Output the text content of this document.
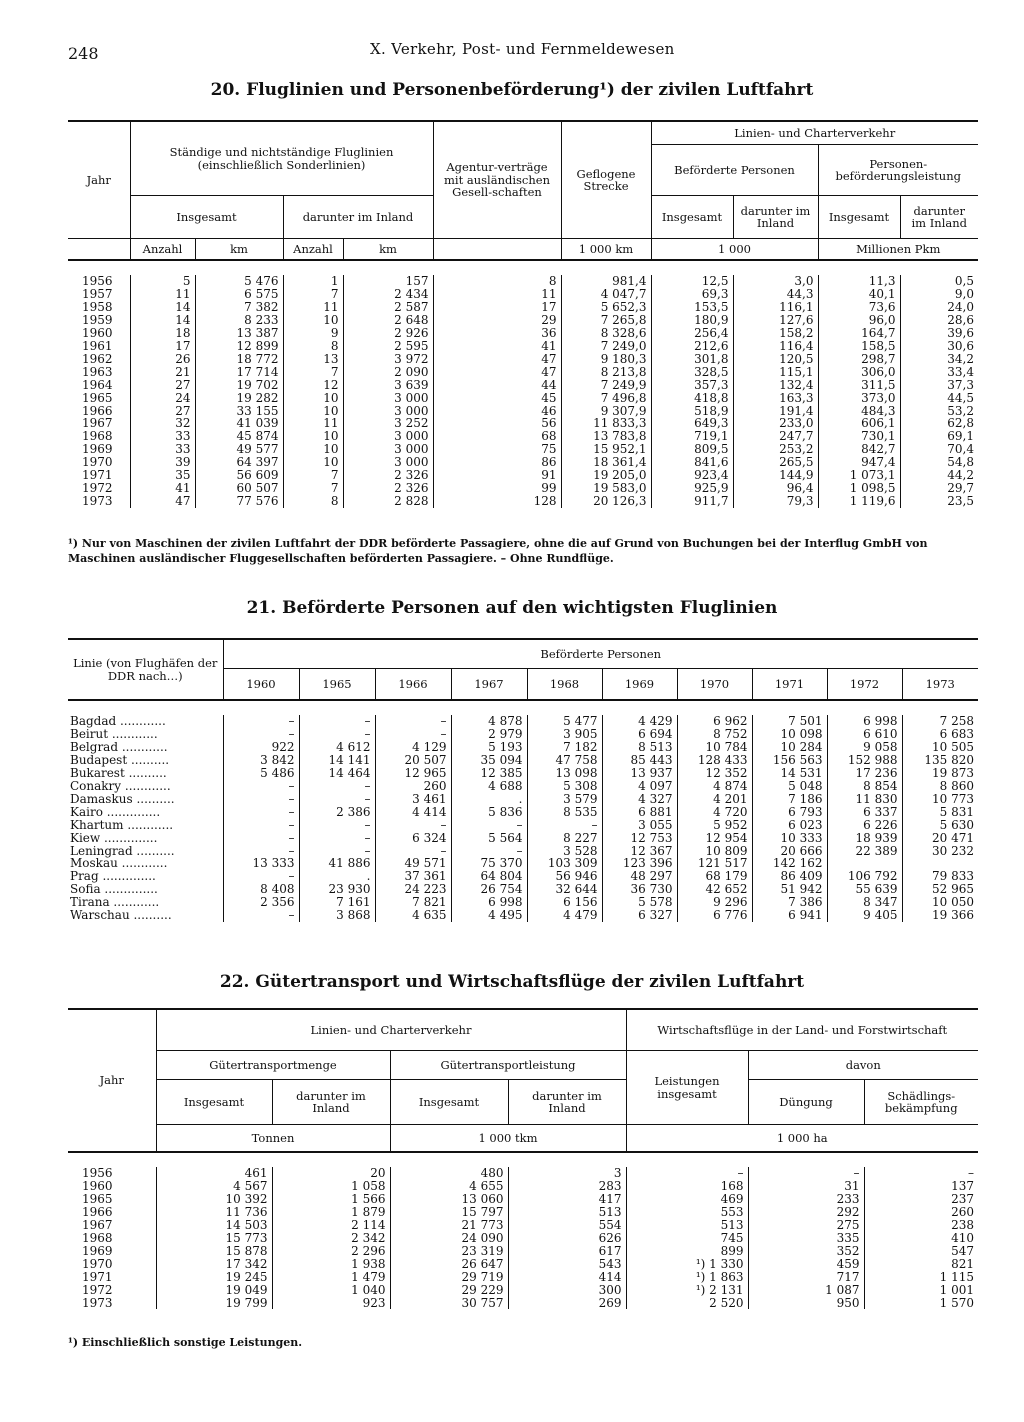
248	X. Verkehr, Post- und Fernmeldewesen
20. Fluglinien und Personenbeförderung¹) der zivilen Luftfahrt
Jahr	Ständige und nichtständige Fluglinien (einschließlich Sonderlinien)				Agentur-verträge mit ausländischen Gesell-schaften	Geflogene Strecke	Linien- und Charterverkehr			
							Beförderte Personen		Personen-beförderungsleistung	
	Insgesamt		darunter im Inland				Insgesamt	darunter im Inland	Insgesamt	darunter im Inland
	Anzahl	km	Anzahl	km		1 000 km	1 000		Millionen Pkm	

1956	5	5 476	1	157	8	981,4	12,5	3,0	11,3	0,5
1957	11	6 575	7	2 434	11	4 047,7	69,3	44,3	40,1	9,0
1958	14	7 382	11	2 587	17	5 652,3	153,5	116,1	73,6	24,0
1959	14	8 233	10	2 648	29	7 265,8	180,9	127,6	96,0	28,6
1960	18	13 387	9	2 926	36	8 328,6	256,4	158,2	164,7	39,6
1961	17	12 899	8	2 595	41	7 249,0	212,6	116,4	158,5	30,6
1962	26	18 772	13	3 972	47	9 180,3	301,8	120,5	298,7	34,2
1963	21	17 714	7	2 090	47	8 213,8	328,5	115,1	306,0	33,4
1964	27	19 702	12	3 639	44	7 249,9	357,3	132,4	311,5	37,3
1965	24	19 282	10	3 000	45	7 496,8	418,8	163,3	373,0	44,5
1966	27	33 155	10	3 000	46	9 307,9	518,9	191,4	484,3	53,2
1967	32	41 039	11	3 252	56	11 833,3	649,3	233,0	606,1	62,8
1968	33	45 874	10	3 000	68	13 783,8	719,1	247,7	730,1	69,1
1969	33	49 577	10	3 000	75	15 952,1	809,5	253,2	842,7	70,4
1970	39	64 397	10	3 000	86	18 361,4	841,6	265,5	947,4	54,8
1971	35	56 609	7	2 326	91	19 205,0	923,4	144,9	1 073,1	44,2
1972	41	60 507	7	2 326	99	19 583,0	925,9	96,4	1 098,5	29,7
1973	47	77 576	8	2 828	128	20 126,3	911,7	79,3	1 119,6	23,5
¹) Nur von Maschinen der zivilen Luftfahrt der DDR beförderte Passagiere, ohne die auf Grund von Buchungen bei der Interflug GmbH von Maschinen ausländischer Fluggesellschaften beförderten Passagiere. – Ohne Rundflüge.
21. Beförderte Personen auf den wichtigsten Fluglinien
Linie (von Flughäfen der DDR nach…)	Beförderte Personen									
	1960	1965	1966	1967	1968	1969	1970	1971	1972	1973

Bagdad ............	–	–	–	4 878	5 477	4 429	6 962	7 501	6 998	7 258
Beirut ............	–	–	–	2 979	3 905	6 694	8 752	10 098	6 610	6 683
Belgrad ............	922	4 612	4 129	5 193	7 182	8 513	10 784	10 284	9 058	10 505
Budapest ..........	3 842	14 141	20 507	35 094	47 758	85 443	128 433	156 563	152 988	135 820
Bukarest ..........	5 486	14 464	12 965	12 385	13 098	13 937	12 352	14 531	17 236	19 873
Conakry ............	–	–	260	4 688	5 308	4 097	4 874	5 048	8 854	8 860
Damaskus ..........	–	–	3 461	.	3 579	4 327	4 201	7 186	11 830	10 773
Kairo ..............	–	2 386	4 414	5 836	8 535	6 881	4 720	6 793	6 337	5 831
Khartum ............	–	–	–	–	–	3 055	5 952	6 023	6 226	5 630
Kiew ..............	–	–	6 324	5 564	8 227	12 753	12 954	10 333	18 939	20 471
Leningrad ..........	–	–	–	–	3 528	12 367	10 809	20 666	22 389	30 232
Moskau ............	13 333	41 886	49 571	75 370	103 309	123 396	121 517	142 162		
Prag ..............	–	.	37 361	64 804	56 946	48 297	68 179	86 409	106 792	79 833
Sofia ..............	8 408	23 930	24 223	26 754	32 644	36 730	42 652	51 942	55 639	52 965
Tirana ............	2 356	7 161	7 821	6 998	6 156	5 578	9 296	7 386	8 347	10 050
Warschau ..........	–	3 868	4 635	4 495	4 479	6 327	6 776	6 941	9 405	19 366
22. Gütertransport und Wirtschaftsflüge der zivilen Luftfahrt
Jahr	Linien- und Charterverkehr				Wirtschaftsflüge in der Land- und Forstwirtschaft		
	Gütertransportmenge		Gütertransportleistung		Leistungen insgesamt	davon	
	Insgesamt	darunter im Inland	Insgesamt	darunter im Inland		Düngung	Schädlings-bekämpfung
	Tonnen		1 000 tkm		1 000 ha		

1956	461	20	480	3	–	–	–
1960	4 567	1 058	4 655	283	168	31	137
1965	10 392	1 566	13 060	417	469	233	237
1966	11 736	1 879	15 797	513	553	292	260
1967	14 503	2 114	21 773	554	513	275	238
1968	15 773	2 342	24 090	626	745	335	410
1969	15 878	2 296	23 319	617	899	352	547
1970	17 342	1 938	26 647	543	¹) 1 330	459	821
1971	19 245	1 479	29 719	414	¹) 1 863	717	1 115
1972	19 049	1 040	29 229	300	¹) 2 131	1 087	1 001
1973	19 799	923	30 757	269	2 520	950	1 570
¹) Einschließlich sonstige Leistungen.
